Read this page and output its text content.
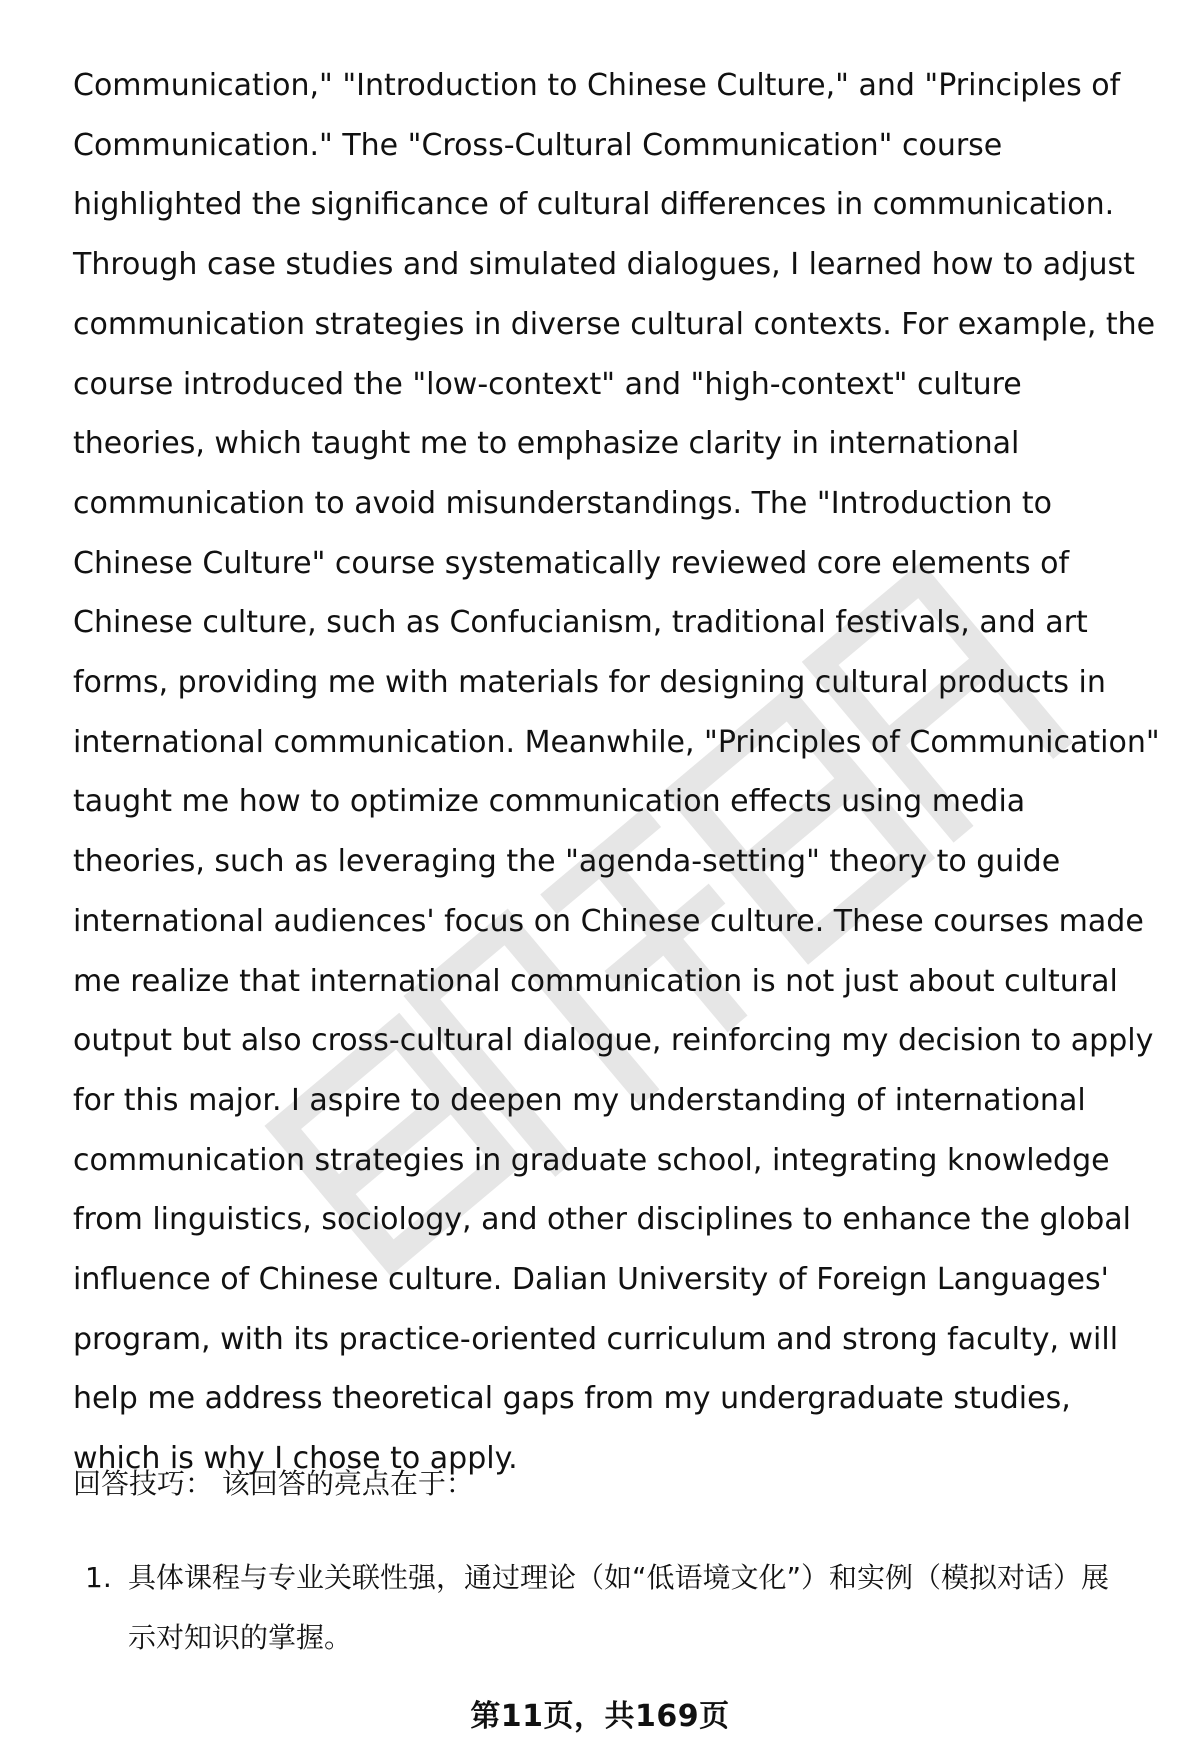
Communication," "Introduction to Chinese Culture," and "Principles of Communication." The "Cross-Cultural Communication" course highlighted the significance of cultural differences in communication. Through case studies and simulated dialogues, I learned how to adjust communication strategies in diverse cultural contexts. For example, the course introduced the "low-context" and "high-context" culture theories, which taught me to emphasize clarity in international communication to avoid misunderstandings. The "Introduction to Chinese Culture" course systematically reviewed core elements of Chinese culture, such as Confucianism, traditional festivals, and art forms, providing me with materials for designing cultural products in international communication. Meanwhile, "Principles of Communication" taught me how to optimize communication effects using media theories, such as leveraging the "agenda-setting" theory to guide international audiences' focus on Chinese culture. These courses made me realize that international communication is not just about cultural output but also cross-cultural dialogue, reinforcing my decision to apply for this major. I aspire to deepen my understanding of international communication strategies in graduate school, integrating knowledge from linguistics, sociology, and other disciplines to enhance the global influence of Chinese culture. Dalian University of Foreign Languages' program, with its practice-oriented curriculum and strong faculty, will help me address theoretical gaps from my undergraduate studies, which is why I chose to apply.

回答技巧： 该回答的亮点在于：

1. 具体课程与专业关联性强，通过理论（如“低语境文化”）和实例（模拟对话）展示对知识的掌握。
第11页，共169页
